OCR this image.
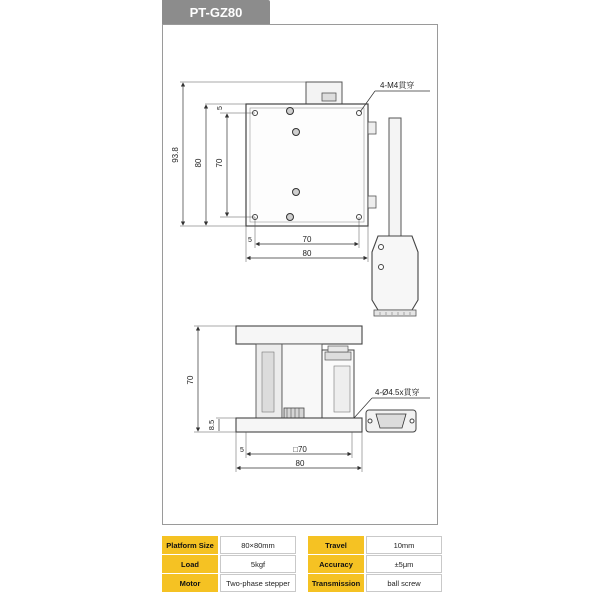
PT-GZ80
4-M4貫穿
93.8
80 70
5
70
5
80
4-Ø4.5x貫穿
70
8.5
□70
5
80
Platform Size	80×80mm	Travel	10mm
Load	5kgf	Accuracy	±5μm
Motor	Two-phase stepper	Transmission	ball screw
